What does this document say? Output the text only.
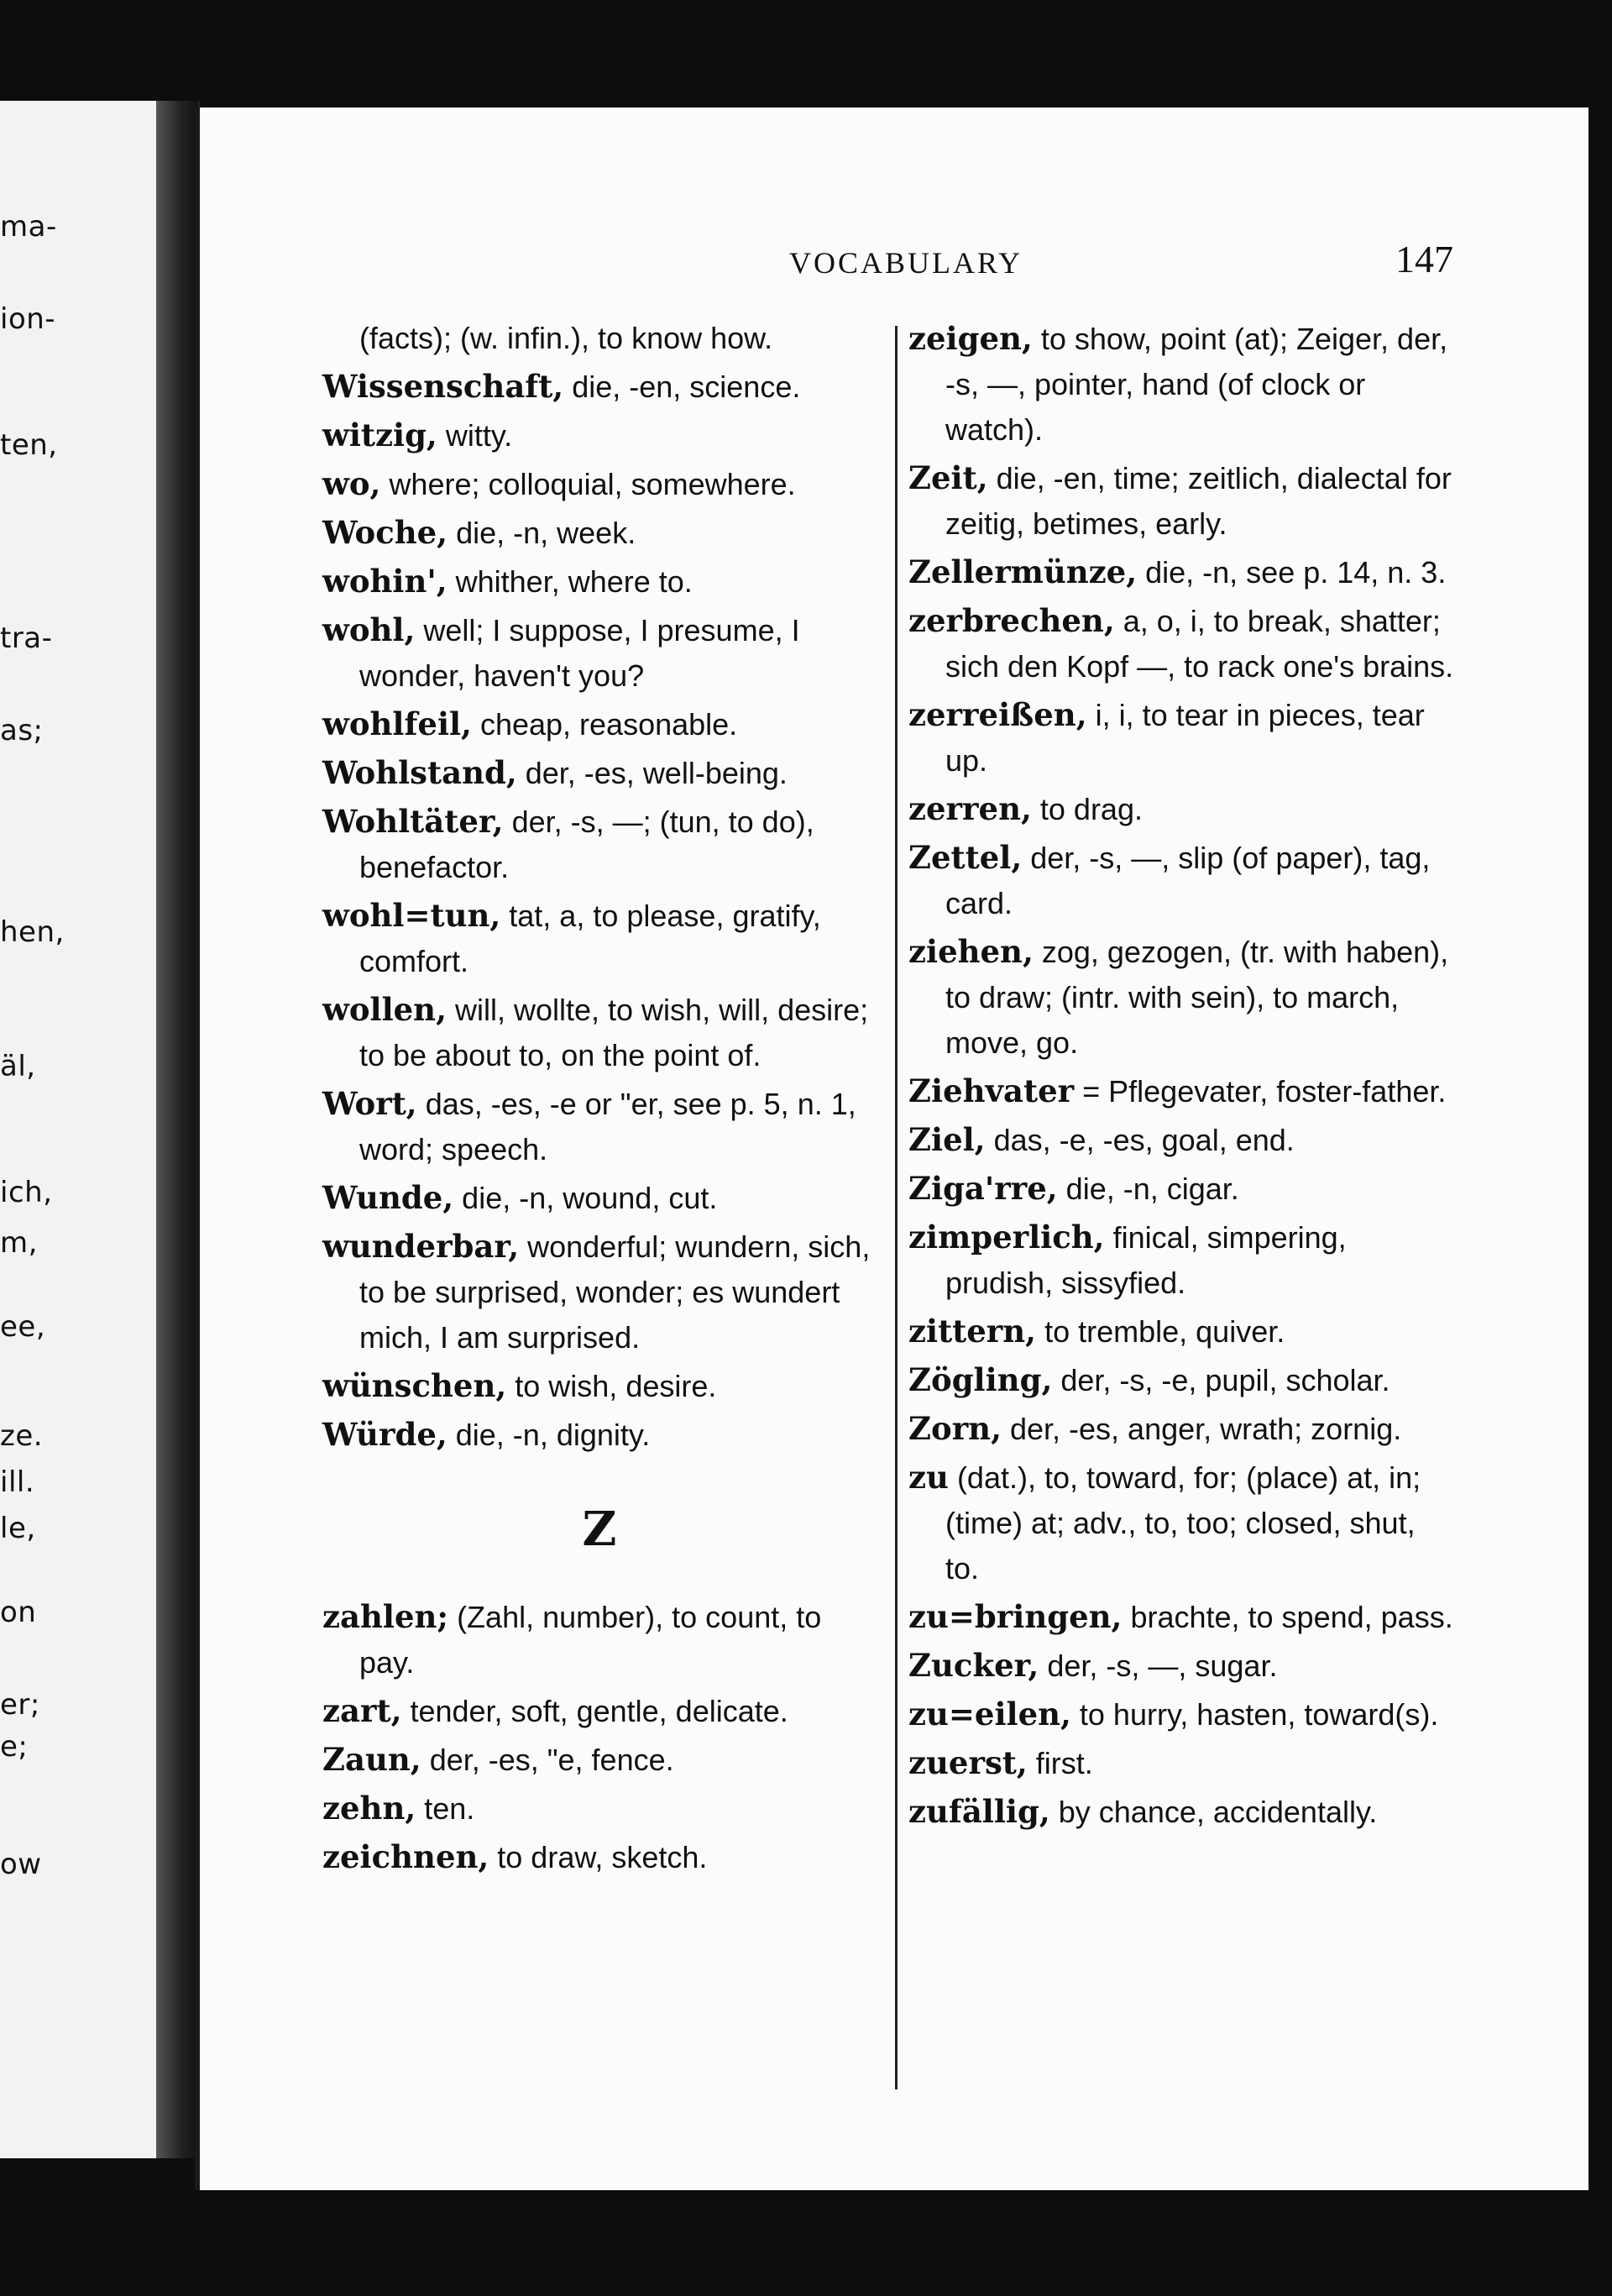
ma-
ion-
ten,
tra-
as;
hen,
äl,
ich,
m,
ee,
ze.
ill.
le,
on
er;
e;
ow
VOCABULARY	147
(facts); (w. infin.), to know how.
Wissenschaft, die, -en, science.
witzig, witty.
wo, where; colloquial, somewhere.
Woche, die, -n, week.
wohin', whither, where to.
wohl, well; I suppose, I presume, I wonder, haven't you?
wohlfeil, cheap, reasonable.
Wohlstand, der, -es, well-being.
Wohltäter, der, -s, —; (tun, to do), benefactor.
wohl=tun, tat, a, to please, gratify, comfort.
wollen, will, wollte, to wish, will, desire; to be about to, on the point of.
Wort, das, -es, -e or "er, see p. 5, n. 1, word; speech.
Wunde, die, -n, wound, cut.
wunderbar, wonderful; wundern, sich, to be surprised, wonder; es wundert mich, I am surprised.
wünschen, to wish, desire.
Würde, die, -n, dignity.
Z
zahlen; (Zahl, number), to count, to pay.
zart, tender, soft, gentle, delicate.
Zaun, der, -es, "e, fence.
zehn, ten.
zeichnen, to draw, sketch.
zeigen, to show, point (at); Zeiger, der, -s, —, pointer, hand (of clock or watch).
Zeit, die, -en, time; zeitlich, dialectal for zeitig, betimes, early.
Zellermünze, die, -n, see p. 14, n. 3.
zerbrechen, a, o, i, to break, shatter; sich den Kopf —, to rack one's brains.
zerreißen, i, i, to tear in pieces, tear up.
zerren, to drag.
Zettel, der, -s, —, slip (of paper), tag, card.
ziehen, zog, gezogen, (tr. with haben), to draw; (intr. with sein), to march, move, go.
Ziehvater = Pflegevater, foster-father.
Ziel, das, -e, -es, goal, end.
Ziga'rre, die, -n, cigar.
zimperlich, finical, simpering, prudish, sissyfied.
zittern, to tremble, quiver.
Zögling, der, -s, -e, pupil, scholar.
Zorn, der, -es, anger, wrath; zornig.
zu (dat.), to, toward, for; (place) at, in; (time) at; adv., to, too; closed, shut, to.
zu=bringen, brachte, to spend, pass.
Zucker, der, -s, —, sugar.
zu=eilen, to hurry, hasten, toward(s).
zuerst, first.
zufällig, by chance, accidentally.
